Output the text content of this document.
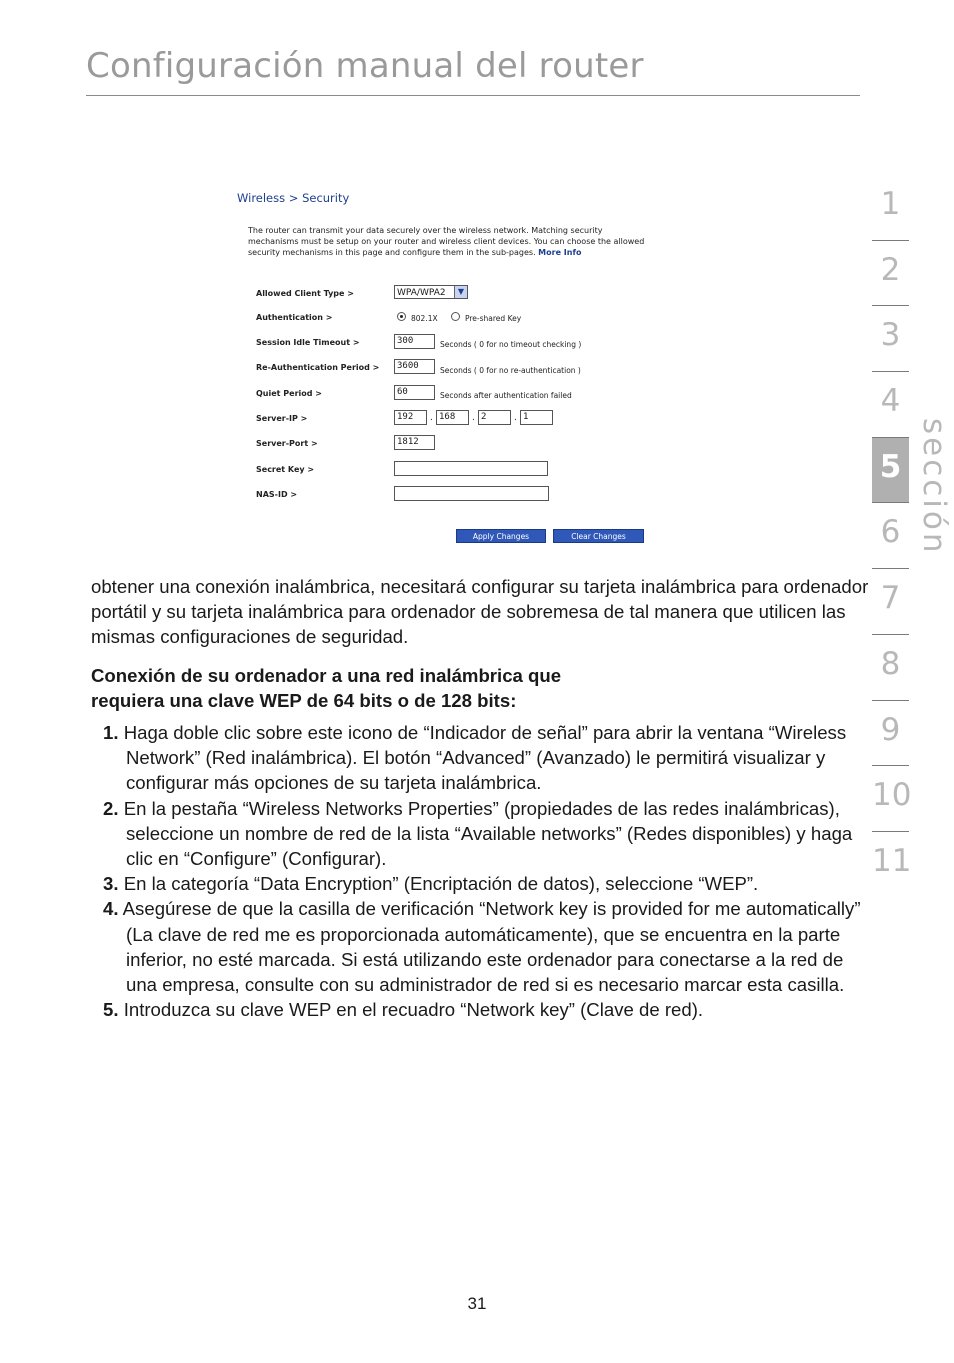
Configuración manual del router
1
2
3
4
5
6
7
8
9
10
11
sección
Wireless > Security
The router can transmit your data securely over the wireless network. Matching security mechanisms must be setup on your router and wireless client devices. You can choose the allowed security mechanisms in this page and configure them in the sub-pages. More Info
Allowed Client Type >	WPA/WPA2	▼
Authentication >	802.1X	Pre-shared Key
Session Idle Timeout >	300	Seconds ( 0 for no timeout checking )
Re-Authentication Period >	3600	Seconds ( 0 for no re-authentication )
Quiet Period >	60	Seconds after authentication failed
Server-IP >	192	. 168	. 2	. 1
Server-Port >	1812
Secret Key >
NAS-ID >
Apply Changes	Clear Changes
obtener una conexión inalámbrica, necesitará configurar su tarjeta inalámbrica para ordenador portátil y su tarjeta inalámbrica para ordenador de sobremesa de tal manera que utilicen las mismas configuraciones de seguridad.
Conexión de su ordenador a una red inalámbrica que
requiera una clave WEP de 64 bits o de 128 bits:
1. Haga doble clic sobre este icono de “Indicador de señal” para abrir la ventana “Wireless Network” (Red inalámbrica). El botón “Advanced” (Avanzado) le permitirá visualizar y configurar más opciones de su tarjeta inalámbrica.
2. En la pestaña “Wireless Networks Properties” (propiedades de las redes inalámbricas), seleccione un nombre de red de la lista “Available networks” (Redes disponibles) y haga clic en “Configure” (Configurar).
3. En la categoría “Data Encryption” (Encriptación de datos), seleccione “WEP”.
4. Asegúrese de que la casilla de verificación “Network key is provided for me automatically” (La clave de red me es proporcionada automáticamente), que se encuentra en la parte inferior, no esté marcada. Si está utilizando este ordenador para conectarse a la red de una empresa, consulte con su administrador de red si es necesario marcar esta casilla.
5. Introduzca su clave WEP en el recuadro “Network key” (Clave de red).
31
